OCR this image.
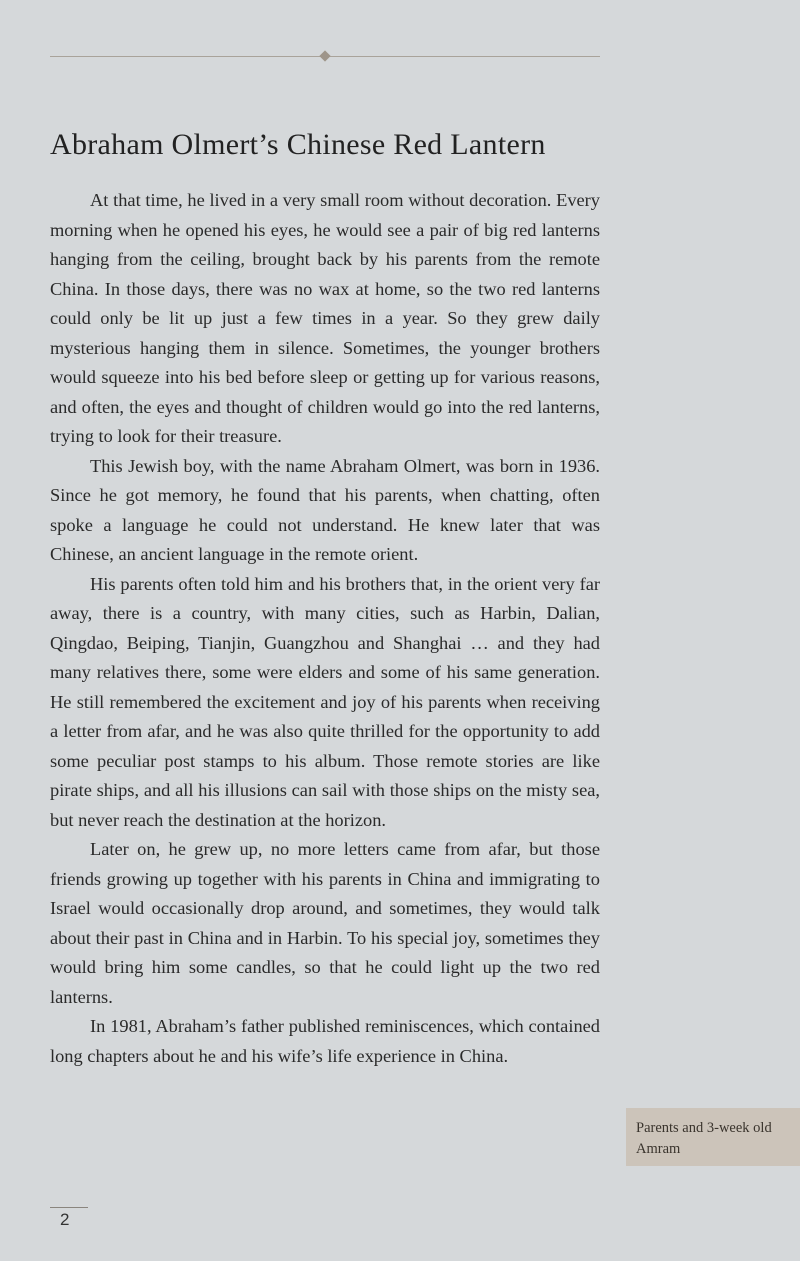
Abraham Olmert’s Chinese Red Lantern

At that time, he lived in a very small room without decoration. Every morning when he opened his eyes, he would see a pair of big red lanterns hanging from the ceiling, brought back by his parents from the remote China. In those days, there was no wax at home, so the two red lanterns could only be lit up just a few times in a year. So they grew daily mysterious hanging them in silence. Sometimes, the younger brothers would squeeze into his bed before sleep or getting up for various reasons, and often, the eyes and thought of children would go into the red lanterns, trying to look for their treasure.

This Jewish boy, with the name Abraham Olmert, was born in 1936. Since he got memory, he found that his parents, when chatting, often spoke a language he could not understand. He knew later that was Chinese, an ancient language in the remote orient.

His parents often told him and his brothers that, in the orient very far away, there is a country, with many cities, such as Harbin, Dalian, Qingdao, Beiping, Tianjin, Guangzhou and Shanghai … and they had many relatives there, some were elders and some of his same generation. He still remembered the excitement and joy of his parents when receiving a letter from afar, and he was also quite thrilled for the opportunity to add some peculiar post stamps to his album. Those remote stories are like pirate ships, and all his illusions can sail with those ships on the misty sea, but never reach the destination at the horizon.

Later on, he grew up, no more letters came from afar, but those friends growing up together with his parents in China and immigrating to Israel would occasionally drop around, and sometimes, they would talk about their past in China and in Harbin. To his special joy, sometimes they would bring him some candles, so that he could light up the two red lanterns.

In 1981, Abraham’s father published reminiscences, which contained long chapters about he and his wife’s life experience in China.

Parents and 3-week old Amram
2
